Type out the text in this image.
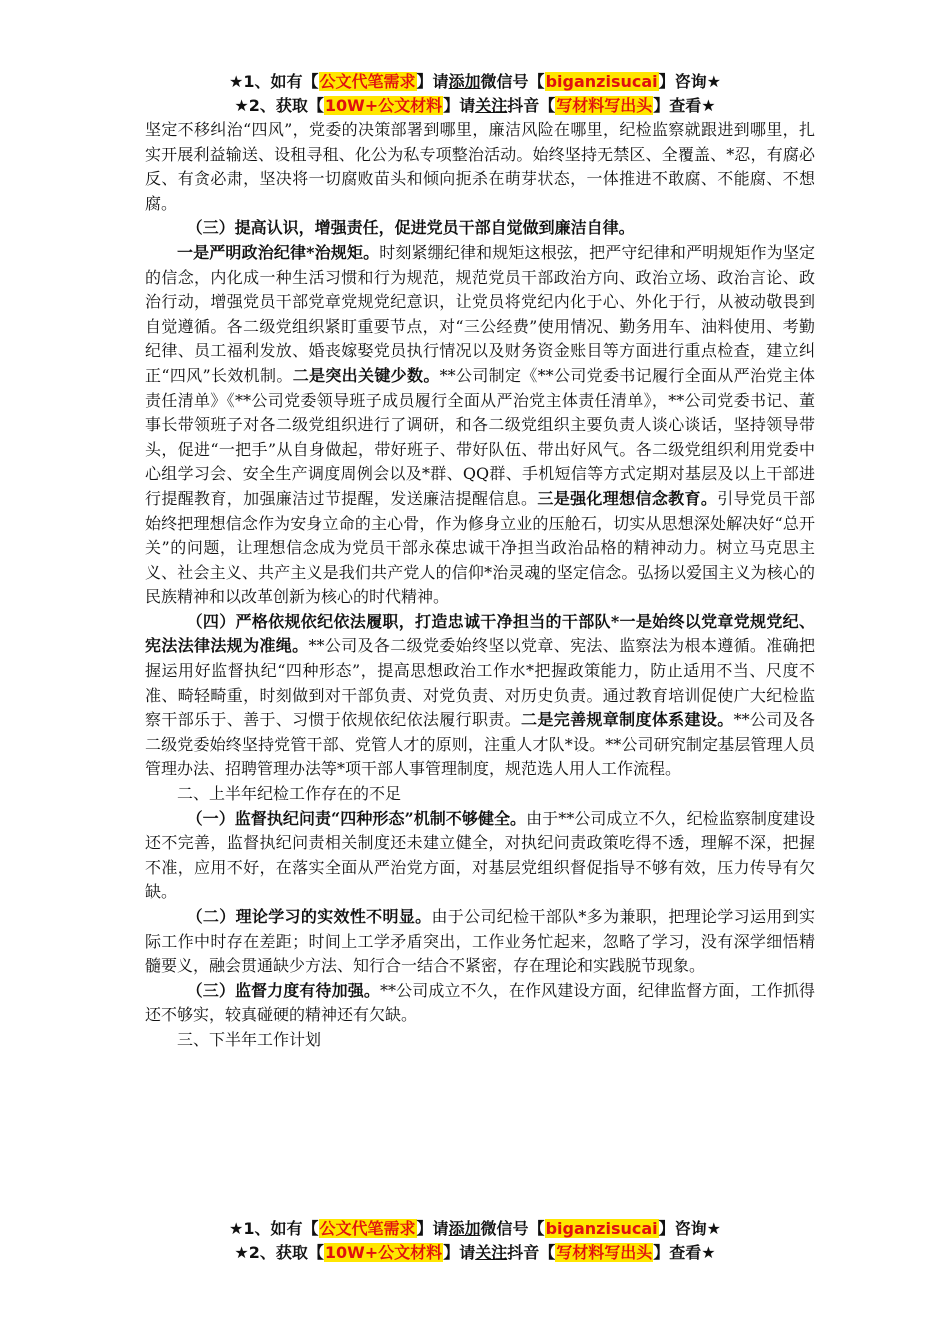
★1、如有【公文代笔需求】请添加微信号【biganzisucai】咨询★
★2、获取【10W+公文材料】请关注抖音【写材料写出头】查看★

坚定不移纠治“四风”，党委的决策部署到哪里，廉洁风险在哪里，纪检监察就跟进到哪里，扎实开展利益输送、设租寻租、化公为私专项整治活动。始终坚持无禁区、全覆盖、*忍，有腐必反、有贪必肃，坚决将一切腐败苗头和倾向扼杀在萌芽状态，一体推进不敢腐、不能腐、不想腐。

（三）提高认识，增强责任，促进党员干部自觉做到廉洁自律。

一是严明政治纪律*治规矩。时刻紧绷纪律和规矩这根弦，把严守纪律和严明规矩作为坚定的信念，内化成一种生活习惯和行为规范，规范党员干部政治方向、政治立场、政治言论、政治行动，增强党员干部党章党规党纪意识，让党员将党纪内化于心、外化于行，从被动敬畏到自觉遵循。各二级党组织紧盯重要节点，对“三公经费”使用情况、勤务用车、油料使用、考勤纪律、员工福利发放、婚丧嫁娶党员执行情况以及财务资金账目等方面进行重点检查，建立纠正“四风”长效机制。二是突出关键少数。**公司制定《**公司党委书记履行全面从严治党主体责任清单》《**公司党委领导班子成员履行全面从严治党主体责任清单》，**公司党委书记、董事长带领班子对各二级党组织进行了调研，和各二级党组织主要负责人谈心谈话，坚持领导带头，促进“一把手”从自身做起，带好班子、带好队伍、带出好风气。各二级党组织利用党委中心组学习会、安全生产调度周例会以及*群、QQ群、手机短信等方式定期对基层及以上干部进行提醒教育，加强廉洁过节提醒，发送廉洁提醒信息。三是强化理想信念教育。引导党员干部始终把理想信念作为安身立命的主心骨，作为修身立业的压舱石，切实从思想深处解决好“总开关”的问题，让理想信念成为党员干部永葆忠诚干净担当政治品格的精神动力。树立马克思主义、社会主义、共产主义是我们共产党人的信仰*治灵魂的坚定信念。弘扬以爱国主义为核心的民族精神和以改革创新为核心的时代精神。

（四）严格依规依纪依法履职，打造忠诚干净担当的干部队*一是始终以党章党规党纪、宪法法律法规为准绳。**公司及各二级党委始终坚以党章、宪法、监察法为根本遵循。准确把握运用好监督执纪“四种形态”，提高思想政治工作水*把握政策能力，防止适用不当、尺度不准、畸轻畸重，时刻做到对干部负责、对党负责、对历史负责。通过教育培训促使广大纪检监察干部乐于、善于、习惯于依规依纪依法履行职责。二是完善规章制度体系建设。**公司及各二级党委始终坚持党管干部、党管人才的原则，注重人才队*设。**公司研究制定基层管理人员管理办法、招聘管理办法等*项干部人事管理制度，规范选人用人工作流程。

二、上半年纪检工作存在的不足

（一）监督执纪问责“四种形态”机制不够健全。由于**公司成立不久，纪检监察制度建设还不完善，监督执纪问责相关制度还未建立健全，对执纪问责政策吃得不透，理解不深，把握不准，应用不好，在落实全面从严治党方面，对基层党组织督促指导不够有效，压力传导有欠缺。

（二）理论学习的实效性不明显。由于公司纪检干部队*多为兼职，把理论学习运用到实际工作中时存在差距；时间上工学矛盾突出，工作业务忙起来，忽略了学习，没有深学细悟精髓要义，融会贯通缺少方法、知行合一结合不紧密，存在理论和实践脱节现象。

（三）监督力度有待加强。**公司成立不久，在作风建设方面，纪律监督方面，工作抓得还不够实，较真碰硬的精神还有欠缺。

三、下半年工作计划

★1、如有【公文代笔需求】请添加微信号【biganzisucai】咨询★
★2、获取【10W+公文材料】请关注抖音【写材料写出头】查看★
